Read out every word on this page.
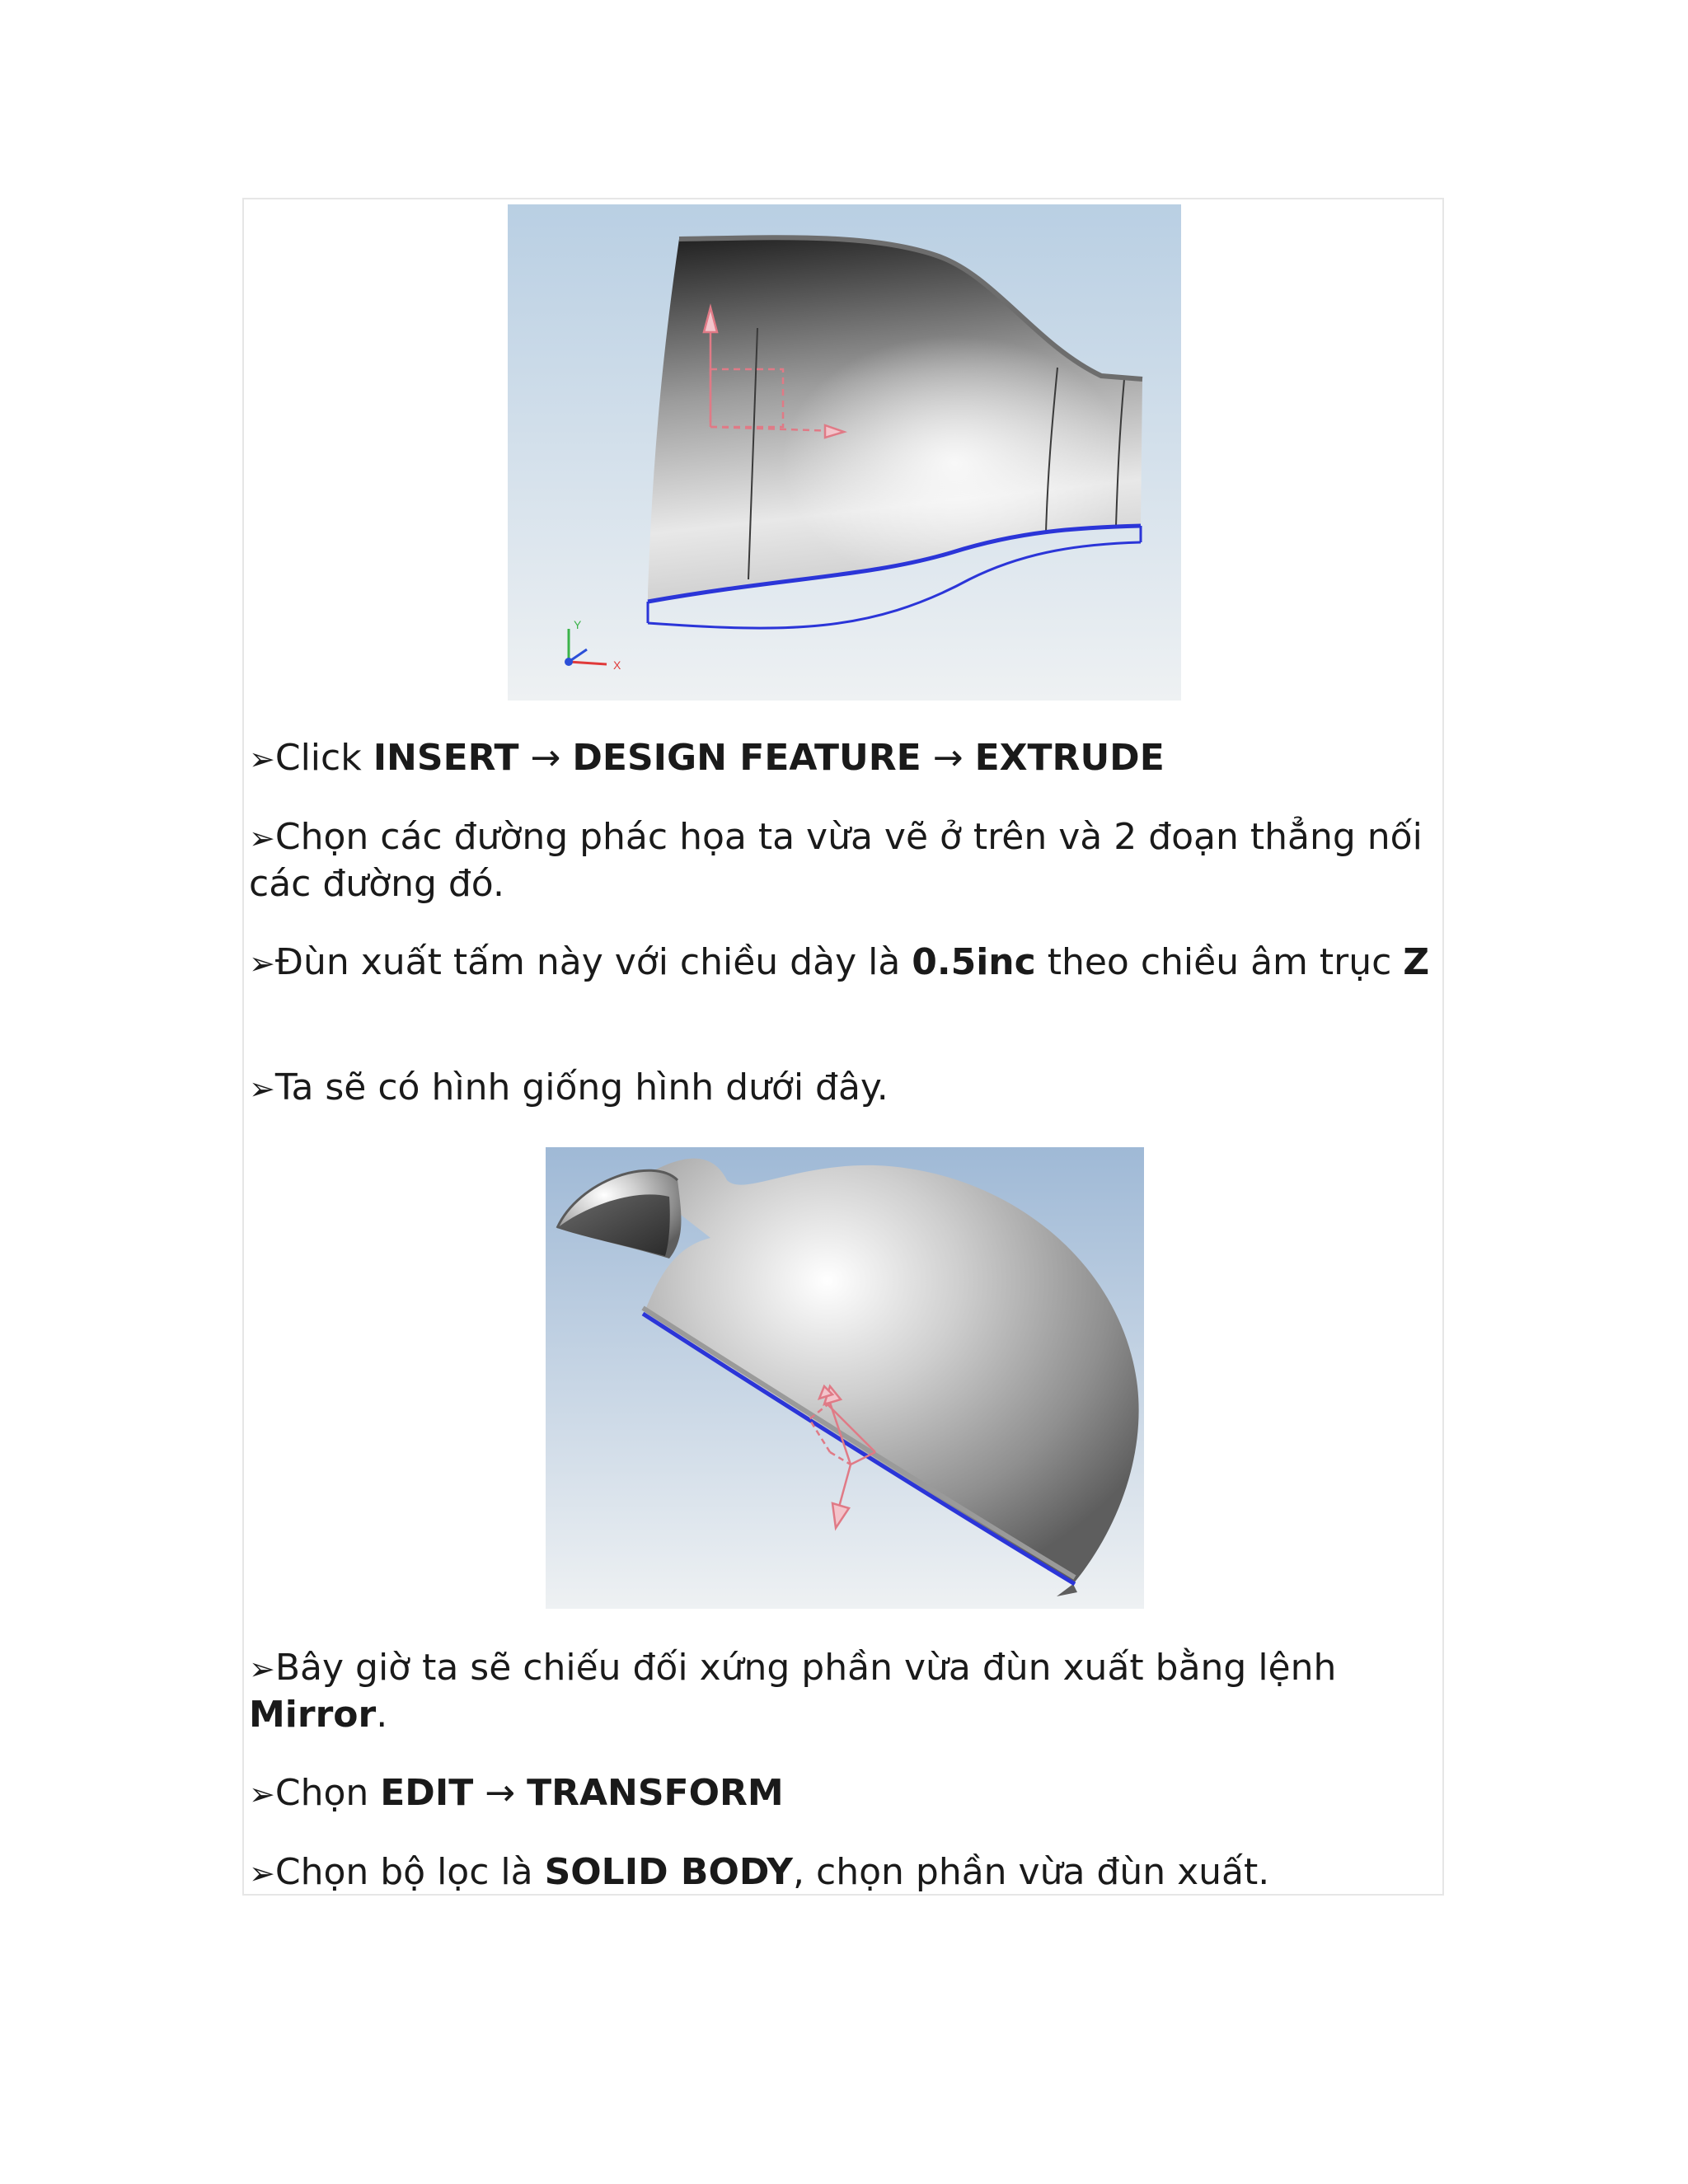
Y
X
➢Click INSERT → DESIGN FEATURE → EXTRUDE
➢Chọn các đường phác họa ta vừa vẽ ở trên và 2 đoạn thẳng nối các đường đó.
➢Đùn xuất tấm này với chiều dày là 0.5inc theo chiều âm trục Z
➢Ta sẽ có hình giống hình dưới đây.
➢Bây giờ ta sẽ chiếu đối xứng phần vừa đùn xuất bằng lệnh Mirror.
➢Chọn EDIT → TRANSFORM
➢Chọn bộ lọc là SOLID BODY, chọn phần vừa đùn xuất.
